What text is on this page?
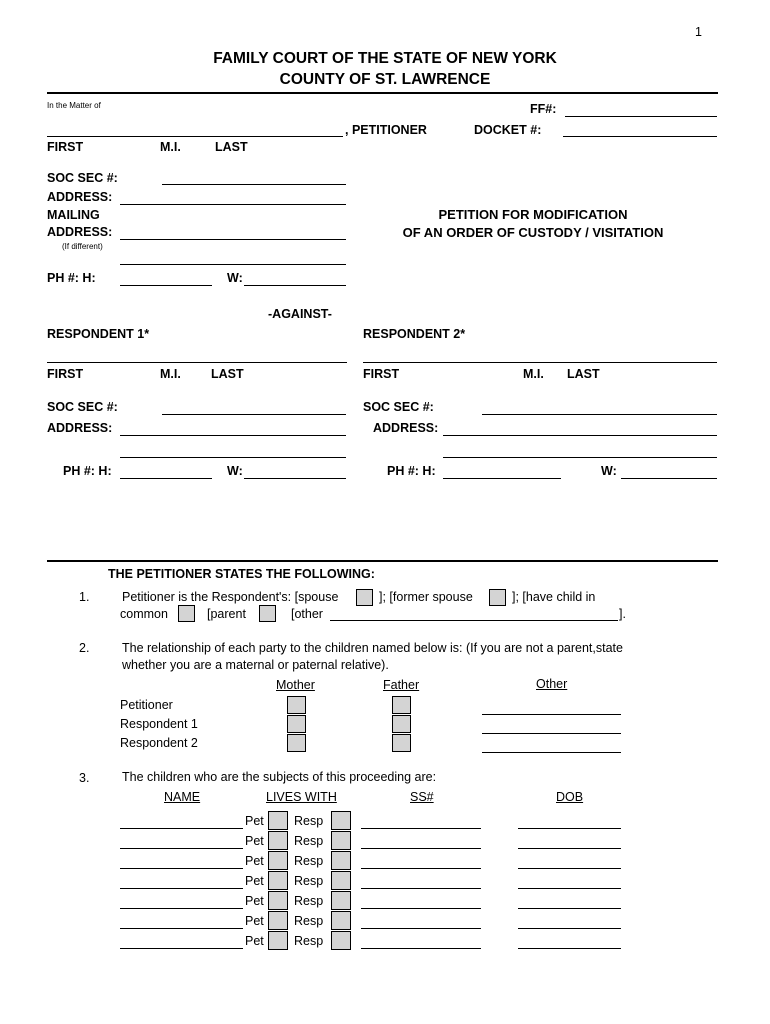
1
FAMILY COURT OF THE STATE OF NEW YORK
COUNTY OF ST. LAWRENCE
In the Matter of	FF#:
, PETITIONER	DOCKET #:
FIRST	M.I.	LAST
SOC SEC #:
ADDRESS:
MAILING
ADDRESS:
(If different)
PH #: H:	W:
PETITION FOR MODIFICATION
OF AN ORDER OF CUSTODY / VISITATION
-AGAINST-
RESPONDENT 1*
FIRST	M.I. LAST
SOC SEC #:
ADDRESS:
PH #: H:	W:
RESPONDENT 2*
FIRST	M.I. LAST
SOC SEC #:
ADDRESS:
PH #: H:	W:
THE PETITIONER STATES THE FOLLOWING:
1.	Petitioner is the Respondent's: [spouse	]; [former spouse	]; [have child in
common	[parent	[other	].
2.	The relationship of each party to the children named below is: (If you are not a parent,state
whether you are a maternal or paternal relative).
Mother	Father	Other
Petitioner
Respondent 1
Respondent 2
3.	The children who are the subjects of this proceeding are:
NAME	LIVES WITH	SS#	DOB
Pet Resp
Pet Resp
Pet Resp
Pet Resp
Pet Resp
Pet Resp
Pet Resp
